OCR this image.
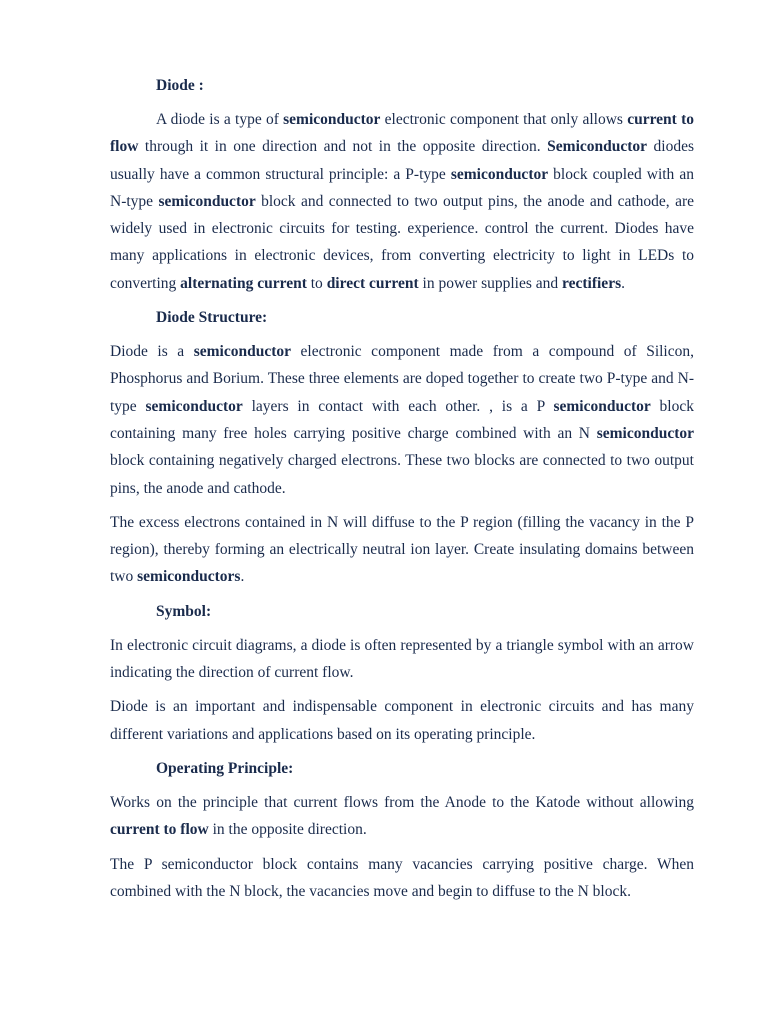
Diode :

A diode is a type of semiconductor electronic component that only allows current to flow through it in one direction and not in the opposite direction. Semiconductor diodes usually have a common structural principle: a P-type semiconductor block coupled with an N-type semiconductor block and connected to two output pins, the anode and cathode, are widely used in electronic circuits for testing. experience. control the current. Diodes have many applications in electronic devices, from converting electricity to light in LEDs to converting alternating current to direct current in power supplies and rectifiers.

Diode Structure:

Diode is a semiconductor electronic component made from a compound of Silicon, Phosphorus and Borium. These three elements are doped together to create two P-type and N-type semiconductor layers in contact with each other. , is a P semiconductor block containing many free holes carrying positive charge combined with an N semiconductor block containing negatively charged electrons. These two blocks are connected to two output pins, the anode and cathode.

The excess electrons contained in N will diffuse to the P region (filling the vacancy in the P region), thereby forming an electrically neutral ion layer. Create insulating domains between two semiconductors.

Symbol:

In electronic circuit diagrams, a diode is often represented by a triangle symbol with an arrow indicating the direction of current flow.

Diode is an important and indispensable component in electronic circuits and has many different variations and applications based on its operating principle.

Operating Principle:

Works on the principle that current flows from the Anode to the Katode without allowing current to flow in the opposite direction.

The P semiconductor block contains many vacancies carrying positive charge. When combined with the N block, the vacancies move and begin to diffuse to the N block.
